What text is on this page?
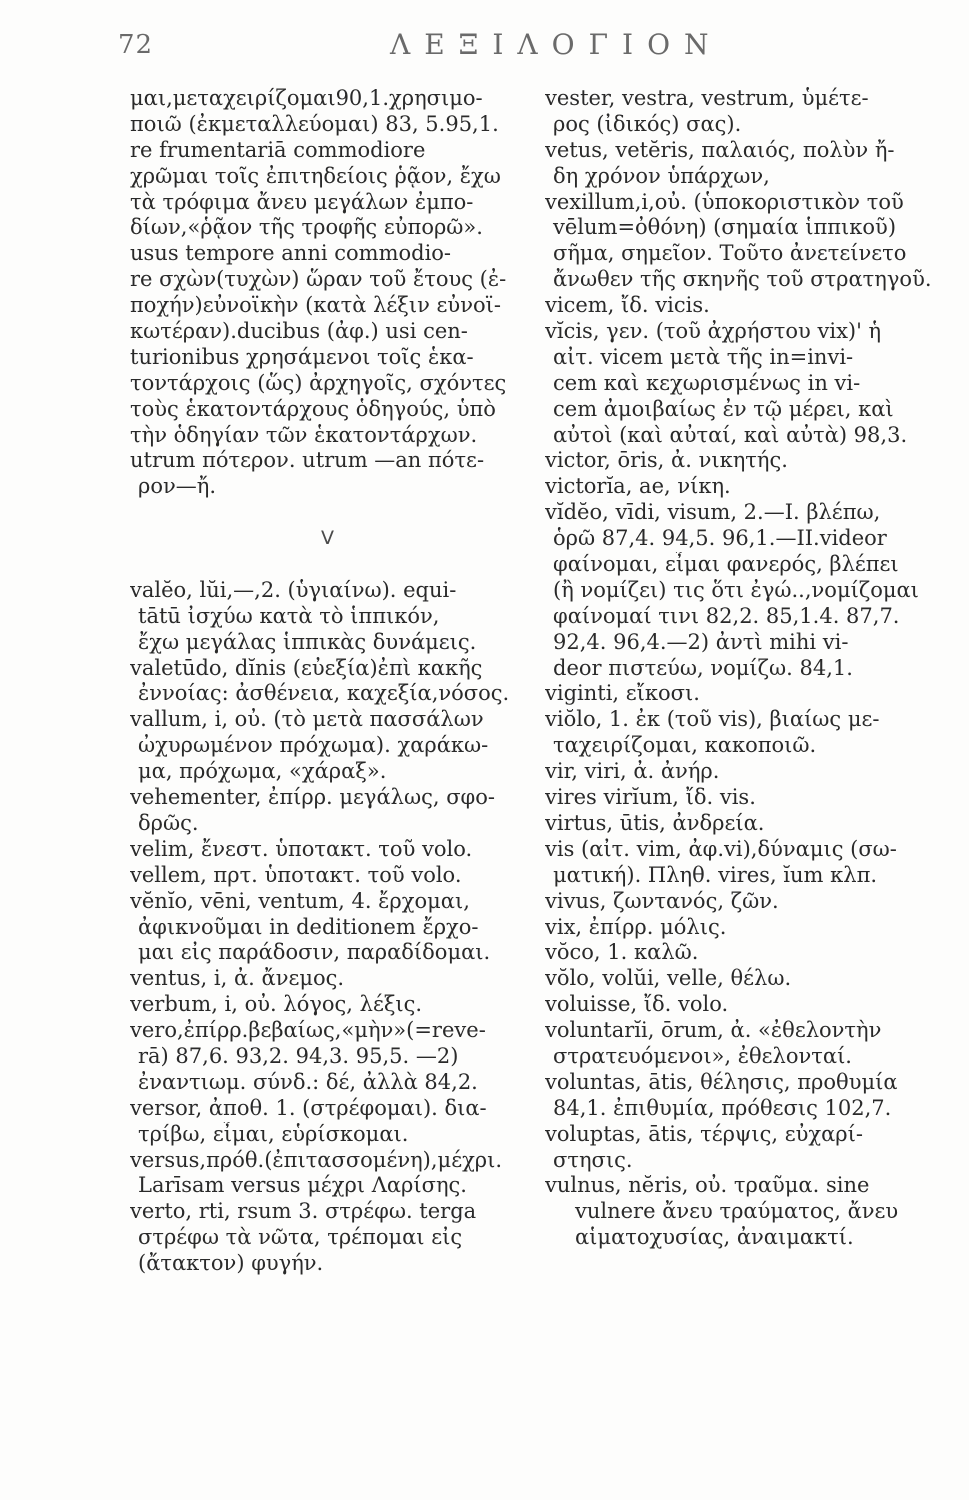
72	ΛΕΞΙΛΟΓΙΟΝ
μαι,μεταχειρίζομαι90,1.χρησιμο-
ποιῶ (ἐκμεταλλεύομαι) 83, 5.95,1.
re frumentariā commodiore
χρῶμαι τοῖς ἐπιτηδείοις ῥᾷον, ἔχω
τὰ τρόφιμα ἄνευ μεγάλων ἐμπο-
δίων,«ῥᾷον τῆς τροφῆς εὐπορῶ».
usus tempore anni commodio-
re σχὼν(τυχὼν) ὥραν τοῦ ἔτους (ἐ-
ποχήν)εὐνοϊκὴν (κατὰ λέξιν εὐνοϊ-
κωτέραν).ducibus (ἀφ.) usi cen-
turionibus χρησάμενοι τοῖς ἑκα-
τοντάρχοις (ὥς) ἀρχηγοῖς, σχόντες
τοὺς ἑκατοντάρχους ὁδηγούς, ὑπὸ
τὴν ὁδηγίαν τῶν ἑκατοντάρχων.
utrum πότερον. utrum —an πότε-
ρον—ἤ.
V
valĕo, lŭi,—,2. (ὑγιαίνω). equi-
tātū ἰσχύω κατὰ τὸ ἱππικόν,
ἔχω μεγάλας ἱππικὰς δυνάμεις.
valetūdo, dĭnis (εὐεξία)ἐπὶ κακῆς
ἐννοίας: ἀσθένεια, καχεξία,νόσος.
vallum, i, οὐ. (τὸ μετὰ πασσάλων
ὠχυρωμένον πρόχωμα). χαράκω-
μα, πρόχωμα, «χάραξ».
vehementer, ἐπίρρ. μεγάλως, σφο-
δρῶς.
velim, ἔνεστ. ὑποτακτ. τοῦ volo.
vellem, πρτ. ὑποτακτ. τοῦ volo.
vĕnĭo, vēni, ventum, 4. ἔρχομαι,
ἀφικνοῦμαι in deditionem ἔρχο-
μαι εἰς παράδοσιν, παραδίδομαι.
ventus, i, ἀ. ἄνεμος.
verbum, i, οὐ. λόγος, λέξις.
vero,ἐπίρρ.βεβαίως,«μὴν»(=reve-
rā) 87,6. 93,2. 94,3. 95,5. —2)
ἐναντιωμ. σύνδ.: δέ, ἀλλὰ 84,2.
versor, ἀποθ. 1. (στρέφομαι). δια-
τρίβω, εἶμαι, εὑρίσκομαι.
versus,πρόθ.(ἐπιτασσομένη),μέχρι.
Larīsam versus μέχρι Λαρίσης.
verto, rti, rsum 3. στρέφω. terga
στρέφω τὰ νῶτα, τρέπομαι εἰς
(ἄτακτον) φυγήν.
vester, vestra, vestrum, ὑμέτε-
ρος (ἰδικός) σας).
vetus, vetĕris, παλαιός, πολὺν ἤ-
δη χρόνον ὑπάρχων,
vexillum,i,οὐ. (ὑποκοριστικὸν τοῦ
vēlum=ὀθόνη) (σημαία ἱππικοῦ)
σῆμα, σημεῖον. Τοῦτο ἀνετείνετο
ἄνωθεν τῆς σκηνῆς τοῦ στρατηγοῦ.
vicem, ἴδ. vicis.
vĭcis, γεν. (τοῦ ἀχρήστου vix)' ἡ
αἰτ. vicem μετὰ τῆς in=invi-
cem καὶ κεχωρισμένως in vi-
cem ἀμοιβαίως ἐν τῷ μέρει, καὶ
αὐτοὶ (καὶ αὐταί, καὶ αὐτὰ) 98,3.
victor, ōris, ἀ. νικητής.
victorĭa, ae, νίκη.
vĭdĕo, vīdi, visum, 2.—I. βλέπω,
ὁρῶ 87,4. 94,5. 96,1.—II.videor
φαίνομαι, εἶμαι φανερός, βλέπει
(ἢ νομίζει) τις ὅτι ἐγώ..,νομίζομαι
φαίνομαί τινι 82,2. 85,1.4. 87,7.
92,4. 96,4.—2) ἀντὶ mihi vi-
deor πιστεύω, νομίζω. 84,1.
viginti, εἴκοσι.
viŏlo, 1. ἐκ (τοῦ vis), βιαίως με-
ταχειρίζομαι, κακοποιῶ.
vir, viri, ἀ. ἀνήρ.
vires virĭum, ἴδ. vis.
virtus, ūtis, ἀνδρεία.
vis (αἰτ. vim, ἀφ.vi),δύναμις (σω-
ματική). Πληθ. vires, ĭum κλπ.
vivus, ζωντανός, ζῶν.
vix, ἐπίρρ. μόλις.
vŏco, 1. καλῶ.
vŏlo, volŭi, velle, θέλω.
voluisse, ἴδ. volo.
voluntarĭi, ōrum, ἀ. «ἐθελοντὴν
στρατευόμενοι», ἐθελονταί.
voluntas, ātis, θέλησις, προθυμία
84,1. ἐπιθυμία, πρόθεσις 102,7.
voluptas, ātis, τέρψις, εὐχαρί-
στησις.
vulnus, nĕris, οὐ. τραῦμα. sine
vulnere ἄνευ τραύματος, ἄνευ
αἱματοχυσίας, ἀναιμακτί.
